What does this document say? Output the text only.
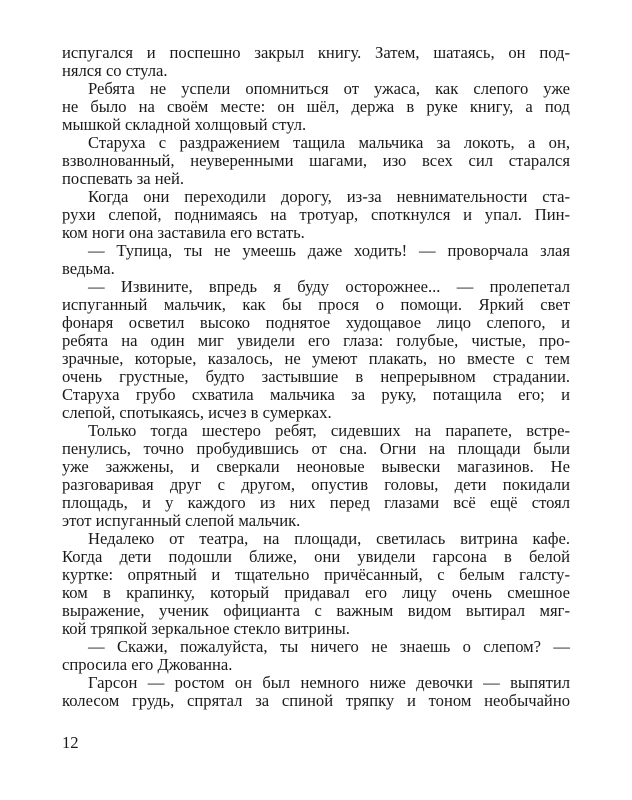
испугался и поспешно закрыл книгу. Затем, шатаясь, он под-
нялся со стула.
Ребята не успели опомниться от ужаса, как слепого уже
не было на своём месте: он шёл, держа в руке книгу, а под
мышкой складной холщовый стул.
Старуха с раздражением тащила мальчика за локоть, а он,
взволнованный, неуверенными шагами, изо всех сил старался
поспевать за ней.
Когда они переходили дорогу, из-за невнимательности ста-
рухи слепой, поднимаясь на тротуар, споткнулся и упал. Пин-
ком ноги она заставила его встать.
— Тупица, ты не умеешь даже ходить! — проворчала злая
ведьма.
— Извините, впредь я буду осторожнее... — пролепетал
испуганный мальчик, как бы прося о помощи. Яркий свет
фонаря осветил высоко поднятое худощавое лицо слепого, и
ребята на один миг увидели его глаза: голубые, чистые, про-
зрачные, которые, казалось, не умеют плакать, но вместе с тем
очень грустные, будто застывшие в непрерывном страдании.
Старуха грубо схватила мальчика за руку, потащила его; и
слепой, спотыкаясь, исчез в сумерках.
Только тогда шестеро ребят, сидевших на парапете, встре-
пенулись, точно пробудившись от сна. Огни на площади были
уже зажжены, и сверкали неоновые вывески магазинов. Не
разговаривая друг с другом, опустив головы, дети покидали
площадь, и у каждого из них перед глазами всё ещё стоял
этот испуганный слепой мальчик.
Недалеко от театра, на площади, светилась витрина кафе.
Когда дети подошли ближе, они увидели гарсона в белой
куртке: опрятный и тщательно причёсанный, с белым галсту-
ком в крапинку, который придавал его лицу очень смешное
выражение, ученик официанта с важным видом вытирал мяг-
кой тряпкой зеркальное стекло витрины.
— Скажи, пожалуйста, ты ничего не знаешь о слепом? —
спросила его Джованна.
Гарсон — ростом он был немного ниже девочки — выпятил
колесом грудь, спрятал за спиной тряпку и тоном необычайно
12
